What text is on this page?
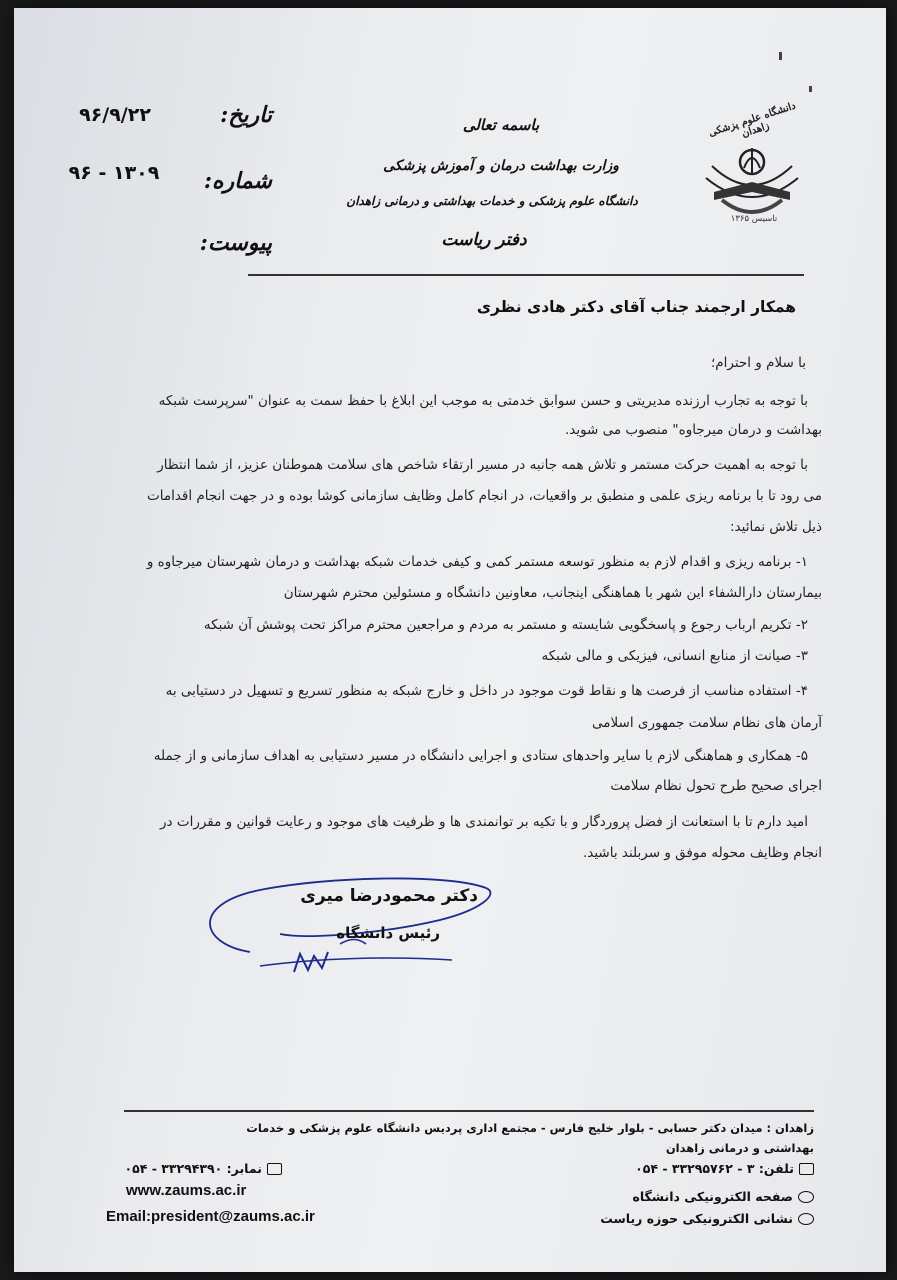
تاریخ:
۹۶/۹/۲۲
شماره:
۱۳۰۹ - ۹۶
پیوست:
باسمه تعالی
وزارت بهداشت درمان و آموزش پزشکی
دانشگاه علوم پزشکی و خدمات بهداشتی و درمانی زاهدان
دفتر ریاست
دانشگاه علوم پزشکی زاهدان
تاسیس ۱۳۶۵
همکار ارجمند جناب آقای دکتر هادی نظری
با سلام و احترام؛
با توجه به تجارب ارزنده مدیریتی و حسن سوابق خدمتی به موجب این ابلاغ با حفظ سمت به عنوان "سرپرست شبکه
بهداشت و درمان میرجاوه" منصوب می شوید.
با توجه به اهمیت حرکت مستمر و تلاش همه جانبه در مسیر ارتقاء شاخص های سلامت هموطنان عزیز، از شما انتظار
می رود تا با برنامه ریزی علمی و منطبق بر واقعیات، در انجام کامل وظایف سازمانی کوشا بوده و در جهت انجام اقدامات
ذیل تلاش نمائید:
۱- برنامه ریزی و اقدام لازم به منظور توسعه مستمر کمی و کیفی خدمات شبکه بهداشت و درمان شهرستان میرجاوه و
بیمارستان دارالشفاء این شهر با هماهنگی اینجانب، معاونین دانشگاه و مسئولین محترم شهرستان
۲- تکریم ارباب رجوع و پاسخگویی شایسته و مستمر به مردم و مراجعین محترم مراکز تحت پوشش آن شبکه
۳- صیانت از منابع انسانی، فیزیکی و مالی شبکه
۴- استفاده مناسب از فرصت ها و نقاط قوت موجود در داخل و خارج شبکه به منظور تسریع و تسهیل در دستیابی به
آرمان های نظام سلامت جمهوری اسلامی
۵- همکاری و هماهنگی لازم با سایر واحدهای ستادی و اجرایی دانشگاه در مسیر دستیابی به اهداف سازمانی و از جمله
اجرای صحیح طرح تحول نظام سلامت
امید دارم تا با استعانت از فضل پروردگار و با تکیه بر توانمندی ها و ظرفیت های موجود و رعایت قوانین و مقررات در
انجام وظایف محوله موفق و سربلند باشید.
دکتر محمودرضا میری
رئیس دانشگاه
زاهدان : میدان دکتر حسابی - بلوار خلیج فارس - مجتمع اداری پردیس دانشگاه علوم پزشکی و خدمات بهداشتی و درمانی زاهدان
تلفن: ۳ - ۳۳۲۹۵۷۶۲ - ۰۵۴
نمابر: ۳۳۲۹۴۳۹۰ - ۰۵۴
صفحه الکترونیکی دانشگاه
نشانی الکترونیکی حوزه ریاست
www.zaums.ac.ir
Email:president@zaums.ac.ir
